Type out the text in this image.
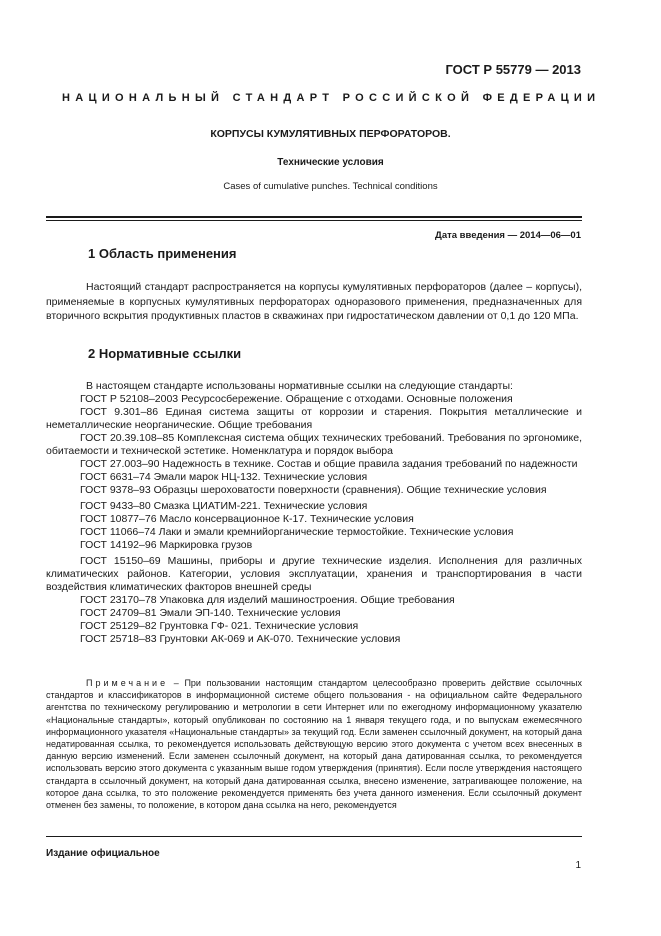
ГОСТ Р 55779 — 2013
НАЦИОНАЛЬНЫЙ СТАНДАРТ РОССИЙСКОЙ ФЕДЕРАЦИИ
КОРПУСЫ КУМУЛЯТИВНЫХ ПЕРФОРАТОРОВ.
Технические условия
Cases of cumulative punches. Technical conditions
Дата введения — 2014—06—01
1 Область применения
Настоящий стандарт распространяется на корпусы кумулятивных перфораторов (далее – корпусы), применяемые в корпусных кумулятивных перфораторах одноразового применения, предназначенных для вторичного вскрытия продуктивных пластов в скважинах при гидростатическом давлении от 0,1 до 120 МПа.
2 Нормативные ссылки
В настоящем стандарте использованы нормативные ссылки на следующие стандарты:
ГОСТ Р 52108–2003 Ресурсосбережение. Обращение с отходами. Основные положения
ГОСТ 9.301–86 Единая система защиты от коррозии и старения. Покрытия металлические и неметаллические неорганические. Общие требования
ГОСТ 20.39.108–85 Комплексная система общих технических требований. Требования по эргономике, обитаемости и технической эстетике. Номенклатура и порядок выбора
ГОСТ 27.003–90 Надежность в технике. Состав и общие правила задания требований по надежности
ГОСТ 6631–74 Эмали марок НЦ-132. Технические условия
ГОСТ 9378–93 Образцы шероховатости поверхности (сравнения). Общие технические условия
ГОСТ 9433–80 Смазка ЦИАТИМ-221. Технические условия
ГОСТ 10877–76 Масло консервационное К-17. Технические условия
ГОСТ 11066–74 Лаки и эмали кремнийорганические термостойкие. Технические условия
ГОСТ 14192–96 Маркировка грузов
ГОСТ 15150–69 Машины, приборы и другие технические изделия. Исполнения для различных климатических районов. Категории, условия эксплуатации, хранения и транспортирования в части воздействия климатических факторов внешней среды
ГОСТ 23170–78 Упаковка для изделий машиностроения. Общие требования
ГОСТ 24709–81 Эмали ЭП-140. Технические условия
ГОСТ 25129–82 Грунтовка ГФ- 021. Технические условия
ГОСТ 25718–83 Грунтовки АК-069 и АК-070. Технические условия
Примечание – При пользовании настоящим стандартом целесообразно проверить действие ссылочных стандартов и классификаторов в информационной системе общего пользования - на официальном сайте Федерального агентства по техническому регулированию и метрологии в сети Интернет или по ежегодному информационному указателю «Национальные стандарты», который опубликован по состоянию на 1 января текущего года, и по выпускам ежемесячного информационного указателя «Национальные стандарты» за текущий год. Если заменен ссылочный документ, на который дана недатированная ссылка, то рекомендуется использовать действующую версию этого документа с учетом всех внесенных в данную версию изменений. Если заменен ссылочный документ, на который дана датированная ссылка, то рекомендуется использовать версию этого документа с указанным выше годом утверждения (принятия). Если после утверждения настоящего стандарта в ссылочный документ, на который дана датированная ссылка, внесено изменение, затрагивающее положение, на которое дана ссылка, то это положение рекомендуется применять без учета данного изменения. Если ссылочный документ отменен без замены, то положение, в котором дана ссылка на него, рекомендуется
Издание официальное
1
